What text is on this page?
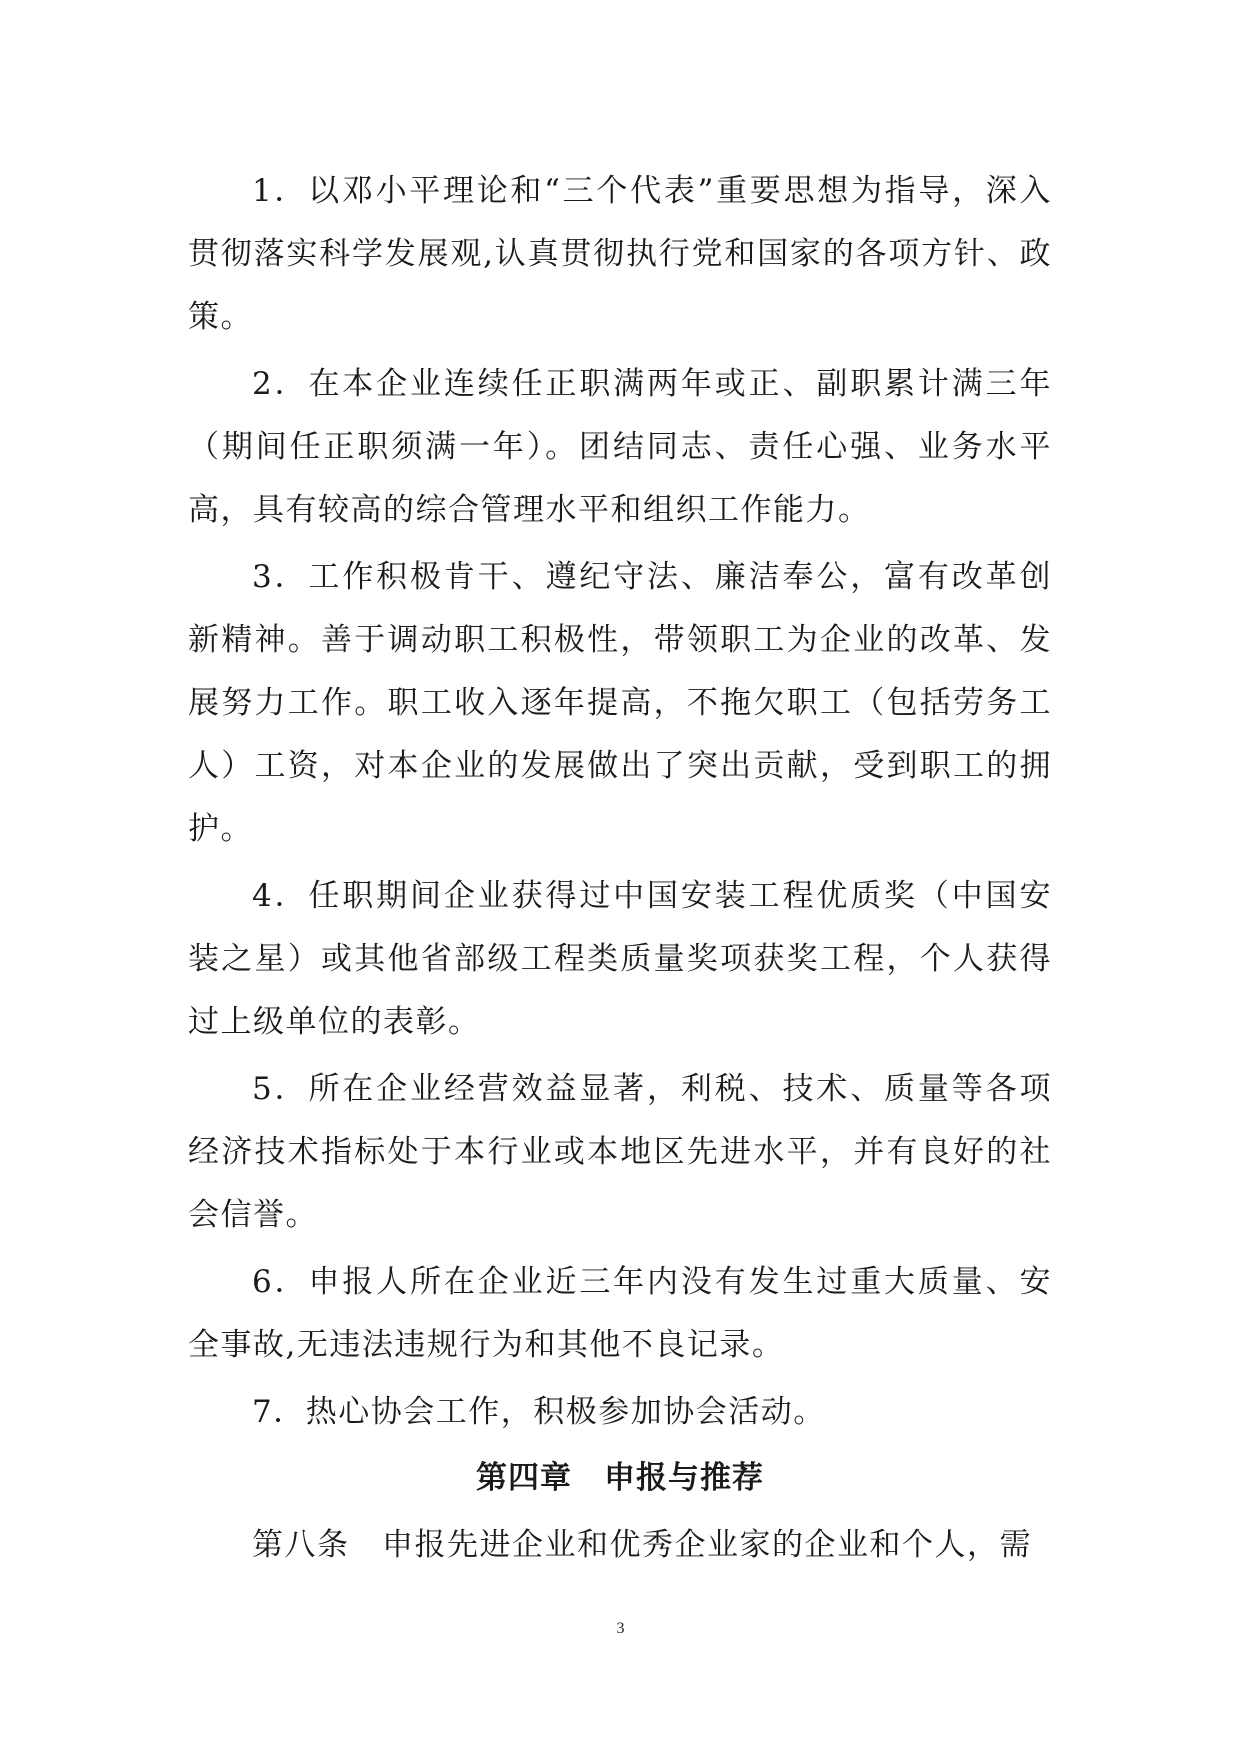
1．以邓小平理论和“三个代表”重要思想为指导，深入贯彻落实科学发展观,认真贯彻执行党和国家的各项方针、政策。

2．在本企业连续任正职满两年或正、副职累计满三年（期间任正职须满一年）。团结同志、责任心强、业务水平高，具有较高的综合管理水平和组织工作能力。

3．工作积极肯干、遵纪守法、廉洁奉公，富有改革创新精神。善于调动职工积极性，带领职工为企业的改革、发展努力工作。职工收入逐年提高，不拖欠职工（包括劳务工人）工资，对本企业的发展做出了突出贡献，受到职工的拥护。

4．任职期间企业获得过中国安装工程优质奖（中国安装之星）或其他省部级工程类质量奖项获奖工程，个人获得过上级单位的表彰。

5．所在企业经营效益显著，利税、技术、质量等各项经济技术指标处于本行业或本地区先进水平，并有良好的社会信誉。

6．申报人所在企业近三年内没有发生过重大质量、安全事故,无违法违规行为和其他不良记录。

7．热心协会工作，积极参加协会活动。

第四章　申报与推荐

第八条　申报先进企业和优秀企业家的企业和个人，需

3
